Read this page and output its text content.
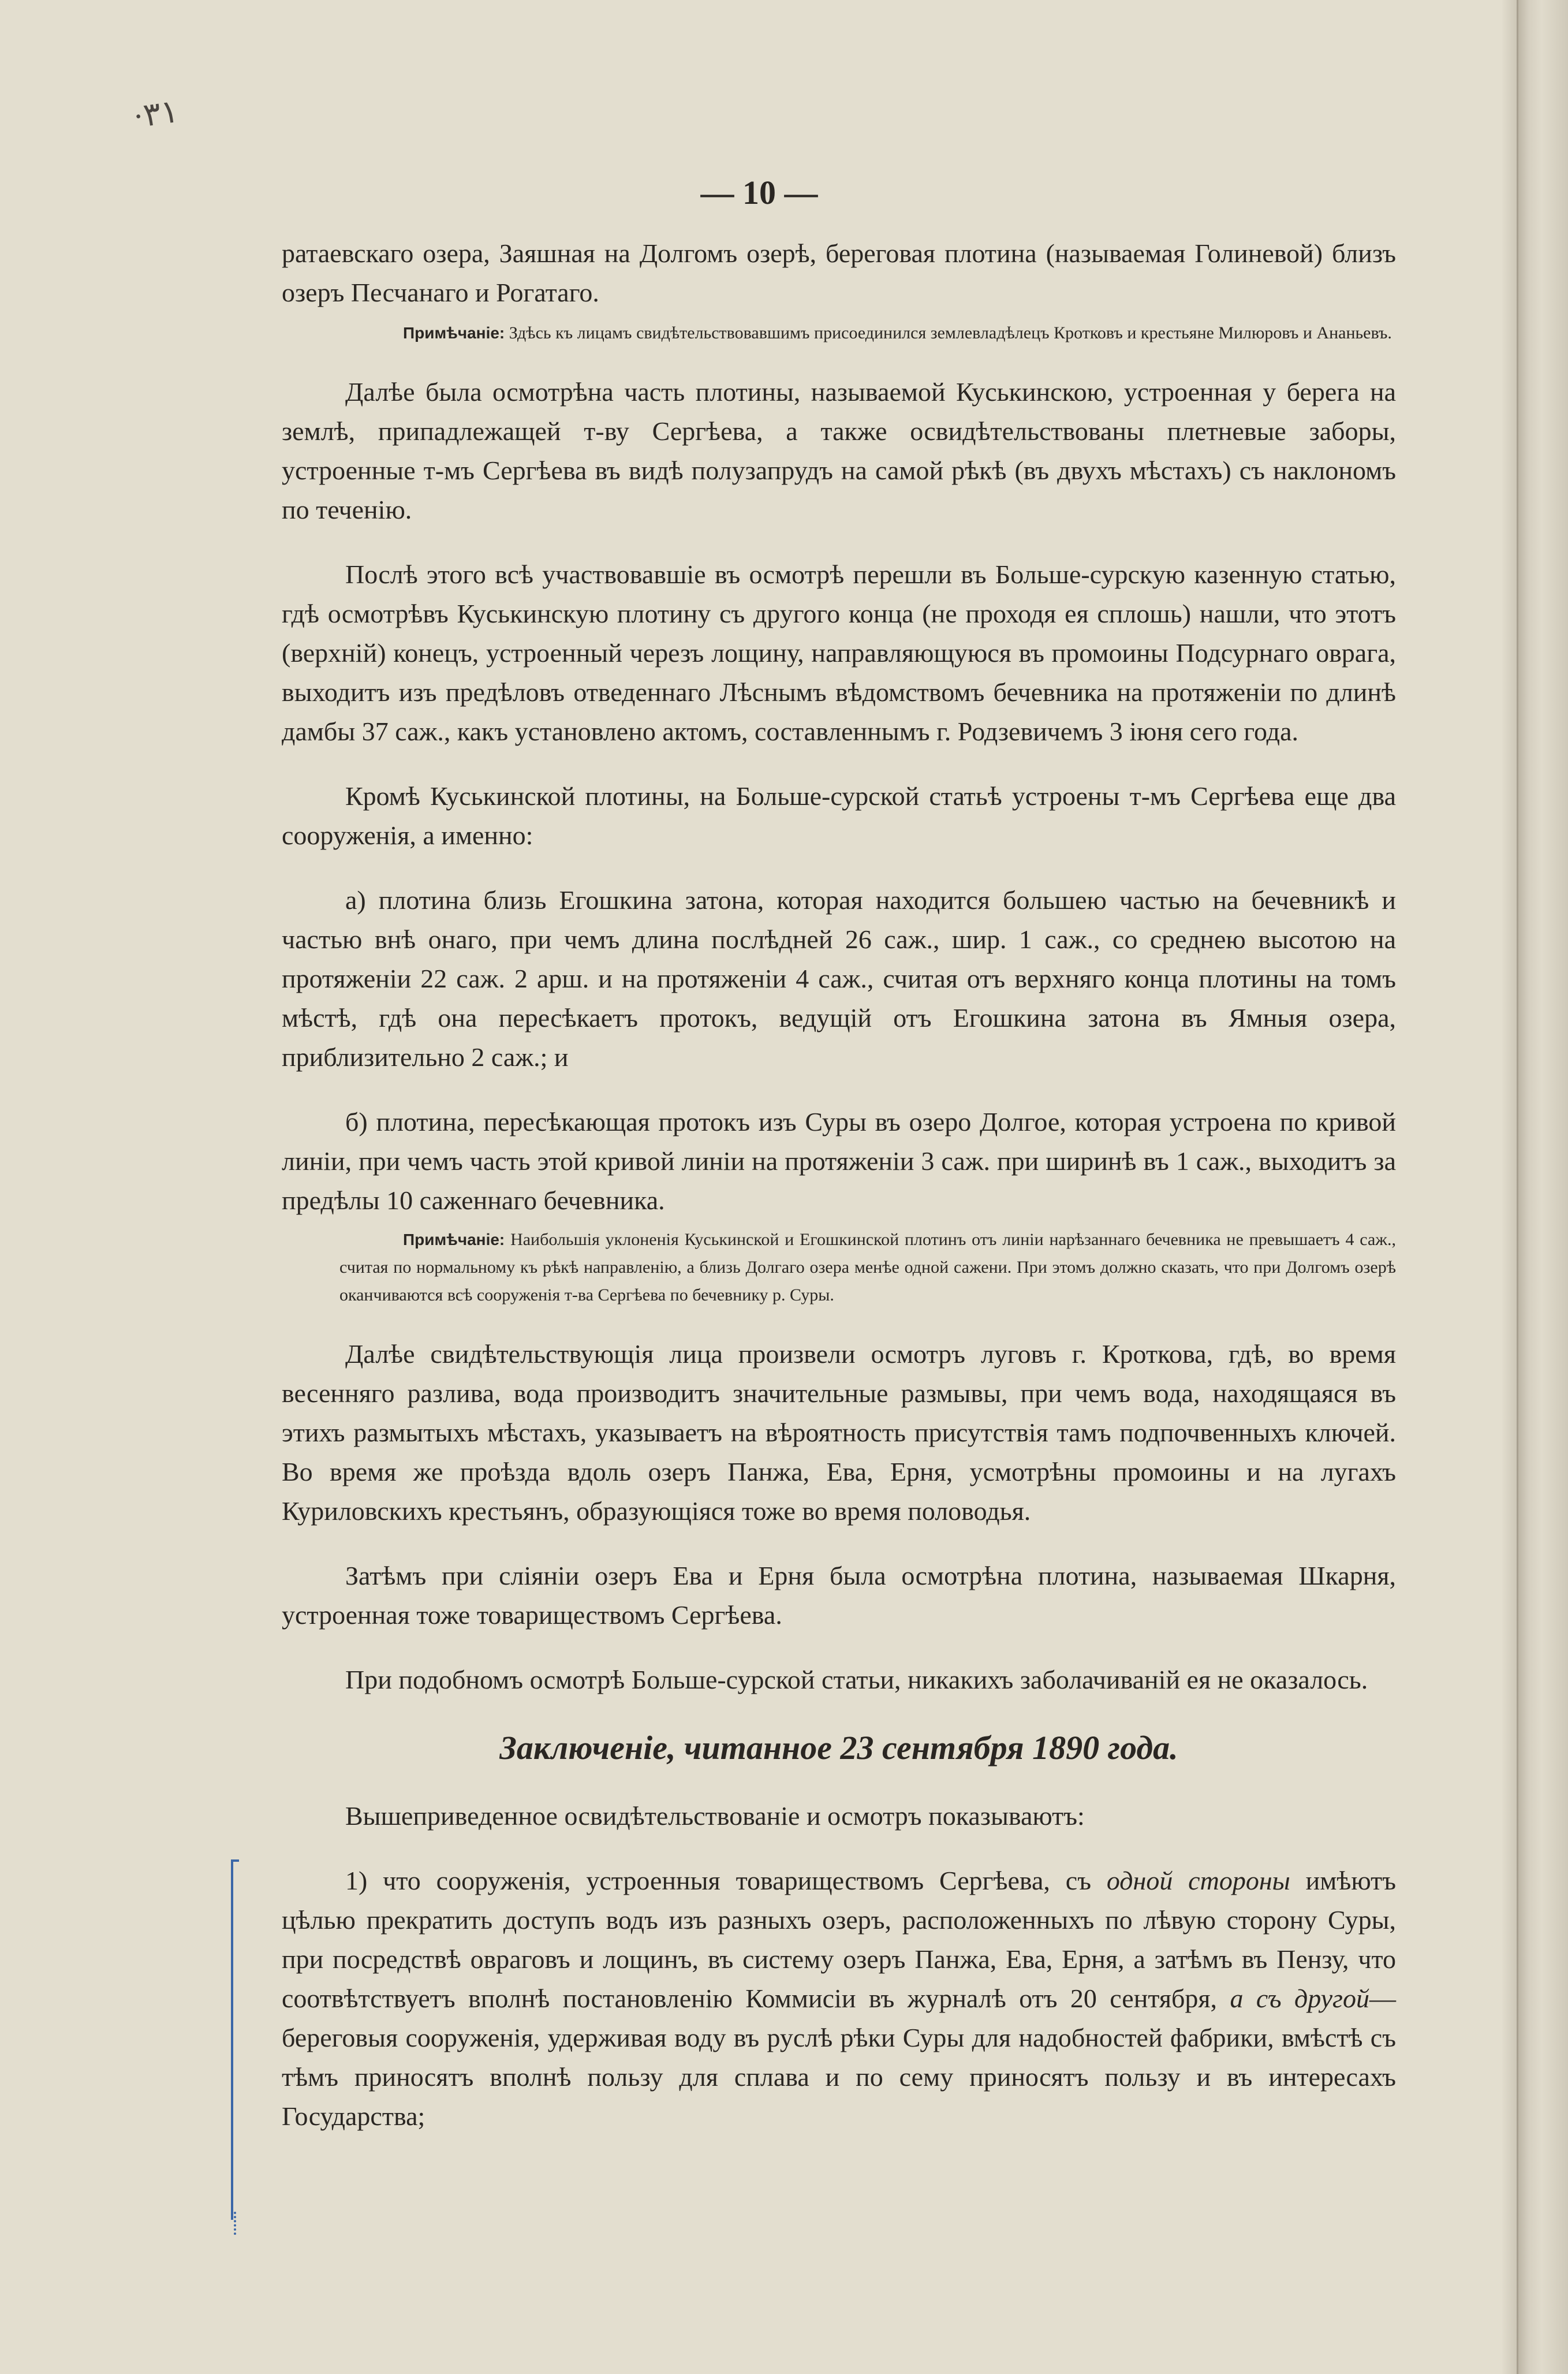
·٣١
— 10 —

ратаевскаго озера, Заяшная на Долгомъ озерѣ, береговая плотина (называемая Голиневой) близъ озеръ Песчанаго и Рогатаго.

Примѣчаніе: Здѣсь къ лицамъ свидѣтельствовавшимъ присоединился землевладѣлецъ Кротковъ и крестьяне Милюровъ и Ананьевъ.

Далѣе была осмотрѣна часть плотины, называемой Куськинскою, устроенная у берега на землѣ, припадлежащей т-ву Сергѣева, а также освидѣтельствованы плетневые заборы, устроенные т-мъ Сергѣева въ видѣ полузапрудъ на самой рѣкѣ (въ двухъ мѣстахъ) съ наклономъ по теченію.

Послѣ этого всѣ участвовавшіе въ осмотрѣ перешли въ Больше-сурскую казенную статью, гдѣ осмотрѣвъ Куськинскую плотину съ другого конца (не проходя ея сплошь) нашли, что этотъ (верхній) конецъ, устроенный черезъ лощину, направляющуюся въ промоины Подсурнаго оврага, выходитъ изъ предѣловъ отведеннаго Лѣснымъ вѣдомствомъ бечевника на протяженіи по длинѣ дамбы 37 саж., какъ установлено актомъ, составленнымъ г. Родзевичемъ 3 іюня сего года.

Кромѣ Куськинской плотины, на Больше-сурской статьѣ устроены т-мъ Сергѣева еще два сооруженія, а именно:

а) плотина близь Егошкина затона, которая находится большею частью на бечевникѣ и частью внѣ онаго, при чемъ длина послѣдней 26 саж., шир. 1 саж., со среднею высотою на протяженіи 22 саж. 2 арш. и на протяженіи 4 саж., считая отъ верхняго конца плотины на томъ мѣстѣ, гдѣ она пересѣкаетъ протокъ, ведущій отъ Егошкина затона въ Ямныя озера, приблизительно 2 саж.; и

б) плотина, пересѣкающая протокъ изъ Суры въ озеро Долгое, которая устроена по кривой линіи, при чемъ часть этой кривой линіи на протяженіи 3 саж. при ширинѣ въ 1 саж., выходитъ за предѣлы 10 саженнаго бечевника.

Примѣчаніе: Наибольшія уклоненія Куськинской и Егошкинской плотинъ отъ линіи нарѣзаннаго бечевника не превышаетъ 4 саж., считая по нормальному къ рѣкѣ направленію, а близь Долгаго озера менѣе одной сажени. При этомъ должно сказать, что при Долгомъ озерѣ оканчиваются всѣ сооруженія т-ва Сергѣева по бечевнику р. Суры.

Далѣе свидѣтельствующія лица произвели осмотръ луговъ г. Кроткова, гдѣ, во время весенняго разлива, вода производитъ значительные размывы, при чемъ вода, находящаяся въ этихъ размытыхъ мѣстахъ, указываетъ на вѣроятность присутствія тамъ подпочвенныхъ ключей. Во время же проѣзда вдоль озеръ Панжа, Ева, Ерня, усмотрѣны промоины и на лугахъ Куриловскихъ крестьянъ, образующіяся тоже во время половодья.

Затѣмъ при сліяніи озеръ Ева и Ерня была осмотрѣна плотина, называемая Шкарня, устроенная тоже товариществомъ Сергѣева.

При подобномъ осмотрѣ Больше-сурской статьи, никакихъ заболачиваній ея не оказалось.

Заключеніе, читанное 23 сентября 1890 года.

Вышеприведенное освидѣтельствованіе и осмотръ показываютъ:

1) что сооруженія, устроенныя товариществомъ Сергѣева, съ одной стороны имѣютъ цѣлью прекратить доступъ водъ изъ разныхъ озеръ, расположенныхъ по лѣвую сторону Суры, при посредствѣ овраговъ и лощинъ, въ систему озеръ Панжа, Ева, Ерня, а затѣмъ въ Пензу, что соотвѣтствуетъ вполнѣ постановленію Коммисіи въ журналѣ отъ 20 сентября, а съ другой—береговыя сооруженія, удерживая воду въ руслѣ рѣки Суры для надобностей фабрики, вмѣстѣ съ тѣмъ приносятъ вполнѣ пользу для сплава и по сему приносятъ пользу и въ интересахъ Государства;
